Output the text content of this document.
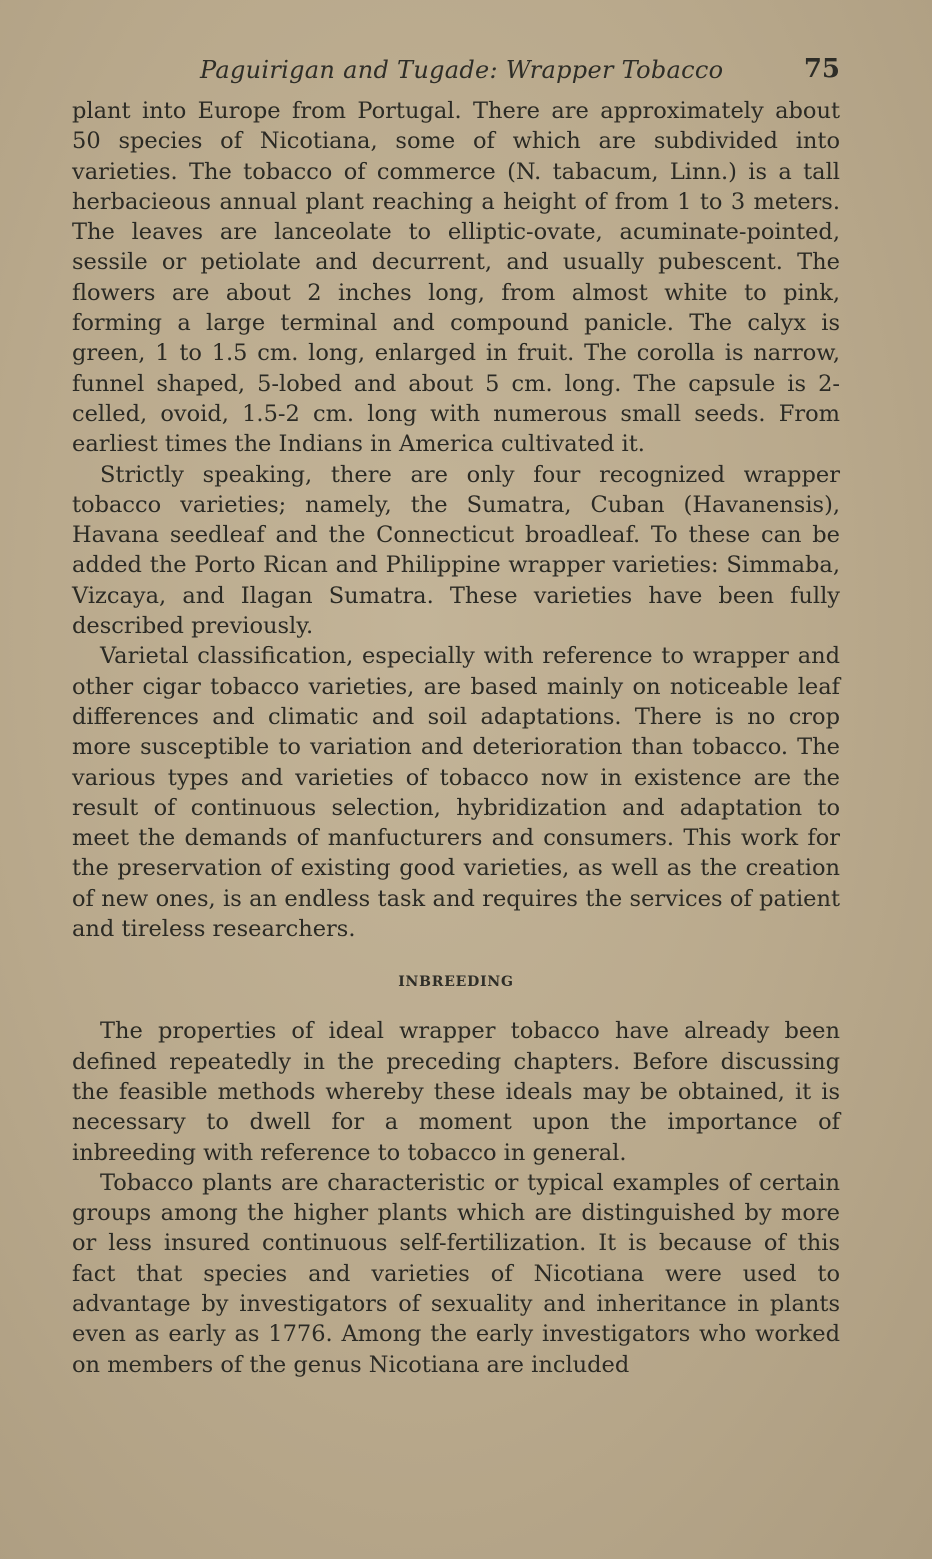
Paguirigan and Tugade: Wrapper Tobacco	75

plant into Europe from Portugal. There are approximately about 50 species of Nicotiana, some of which are subdivided into varieties. The tobacco of commerce (N. tabacum, Linn.) is a tall herbacieous annual plant reaching a height of from 1 to 3 meters. The leaves are lanceolate to elliptic-ovate, acuminate-pointed, sessile or petiolate and decurrent, and usually pubescent. The flowers are about 2 inches long, from almost white to pink, forming a large terminal and compound panicle. The calyx is green, 1 to 1.5 cm. long, enlarged in fruit. The corolla is narrow, funnel shaped, 5-lobed and about 5 cm. long. The capsule is 2-celled, ovoid, 1.5-2 cm. long with numerous small seeds. From earliest times the Indians in America cultivated it.

Strictly speaking, there are only four recognized wrapper tobacco varieties; namely, the Sumatra, Cuban (Havanensis), Havana seedleaf and the Connecticut broadleaf. To these can be added the Porto Rican and Philippine wrapper varieties: Simmaba, Vizcaya, and Ilagan Sumatra. These varieties have been fully described previously.

Varietal classification, especially with reference to wrapper and other cigar tobacco varieties, are based mainly on noticeable leaf differences and climatic and soil adaptations. There is no crop more susceptible to variation and deterioration than tobacco. The various types and varieties of tobacco now in existence are the result of continuous selection, hybridization and adaptation to meet the demands of manfucturers and consumers. This work for the preservation of existing good varieties, as well as the creation of new ones, is an endless task and requires the services of patient and tireless researchers.

INBREEDING

The properties of ideal wrapper tobacco have already been defined repeatedly in the preceding chapters. Before discussing the feasible methods whereby these ideals may be obtained, it is necessary to dwell for a moment upon the importance of inbreeding with reference to tobacco in general.

Tobacco plants are characteristic or typical examples of certain groups among the higher plants which are distinguished by more or less insured continuous self-fertilization. It is because of this fact that species and varieties of Nicotiana were used to advantage by investigators of sexuality and inheritance in plants even as early as 1776. Among the early investigators who worked on members of the genus Nicotiana are included
